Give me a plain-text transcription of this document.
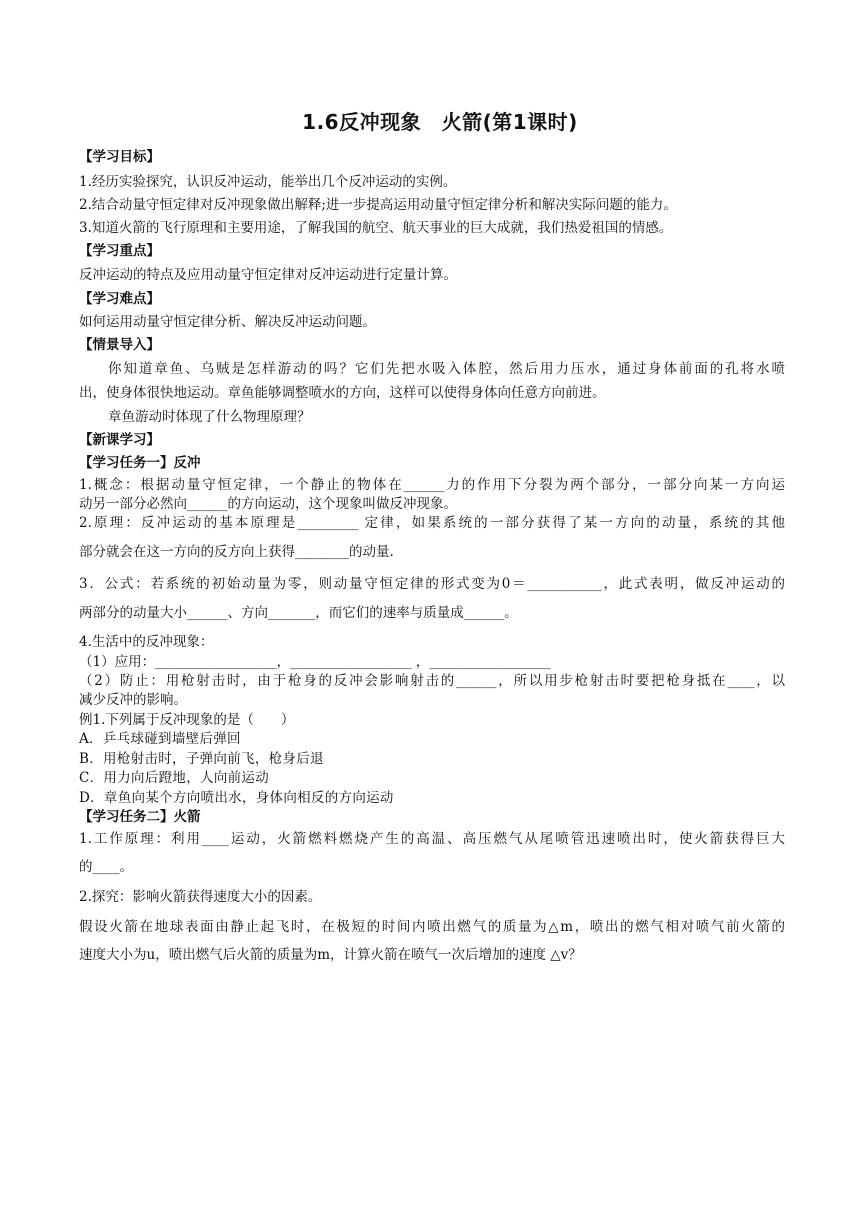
1.6反冲现象　火箭(第1课时)
【学习目标】
1.经历实验探究，认识反冲运动，能举出几个反冲运动的实例。
2.结合动量守恒定律对反冲现象做出解释;进一步提高运用动量守恒定律分析和解决实际问题的能力。
3.知道火箭的飞行原理和主要用途，了解我国的航空、航天事业的巨大成就，我们热爱祖国的情感。
【学习重点】
反冲运动的特点及应用动量守恒定律对反冲运动进行定量计算。
【学习难点】
如何运用动量守恒定律分析、解决反冲运动问题。
【情景导入】
你知道章鱼、乌贼是怎样游动的吗？它们先把水吸入体腔，然后用力压水，通过身体前面的孔将水喷
出，使身体很快地运动。章鱼能够调整喷水的方向，这样可以使得身体向任意方向前进。
章鱼游动时体现了什么物理原理？
【新课学习】
【学习任务一】反冲
1.概念：根据动量守恒定律，一个静止的物体在______力的作用下分裂为两个部分，一部分向某一方向运
动另一部分必然向______的方向运动，这个现象叫做反冲现象。
2.原理：反冲运动的基本原理是_________ 定律，如果系统的一部分获得了某一方向的动量，系统的其他
部分就会在这一方向的反方向上获得________的动量.
3．公式：若系统的初始动量为零，则动量守恒定律的形式变为0＝___________，此式表明，做反冲运动的
两部分的动量大小______、方向_______，而它们的速率与质量成______。
4.生活中的反冲现象：
（1）应用：__________________，__________________ ，__________________
（2）防止：用枪射击时，由于枪身的反冲会影响射击的______，所以用步枪射击时要把枪身抵在____，以
减少反冲的影响。
例1.下列属于反冲现象的是（　　）
A．乒乓球碰到墙壁后弹回
B．用枪射击时，子弹向前飞，枪身后退
C．用力向后蹬地，人向前运动
D．章鱼向某个方向喷出水，身体向相反的方向运动
【学习任务二】火箭
1.工作原理：利用____运动，火箭燃料燃烧产生的高温、高压燃气从尾喷管迅速喷出时，使火箭获得巨大
的____。
2.探究：影响火箭获得速度大小的因素。
假设火箭在地球表面由静止起飞时，在极短的时间内喷出燃气的质量为△m，喷出的燃气相对喷气前火箭的
速度大小为u，喷出燃气后火箭的质量为m，计算火箭在喷气一次后增加的速度 △v？
